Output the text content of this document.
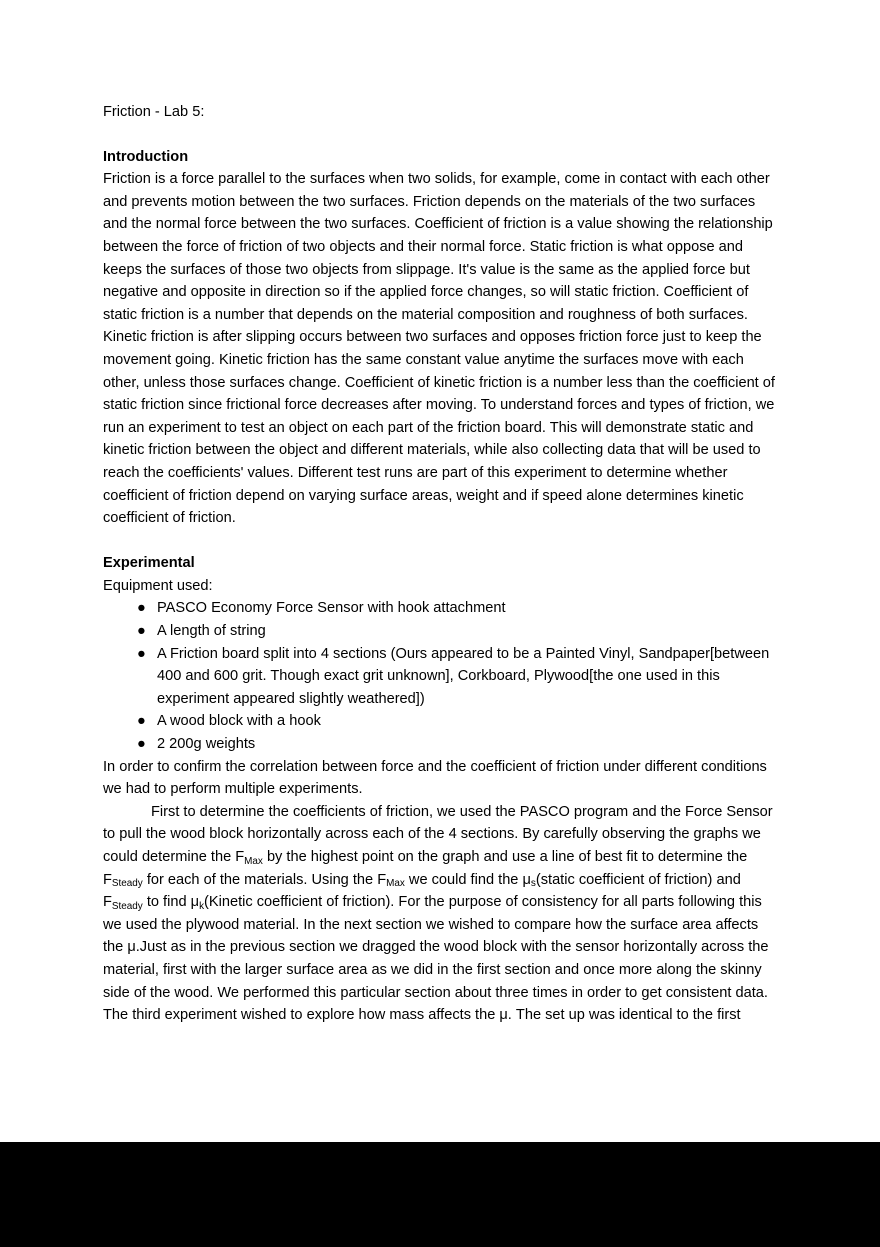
Friction - Lab 5:
Introduction

Friction is a force parallel to the surfaces when two solids, for example, come in contact with each other and prevents motion between the two surfaces. Friction depends on the materials of the two surfaces and the normal force between the two surfaces. Coefficient of friction is a value showing the relationship between the force of friction of two objects and their normal force. Static friction is what oppose and keeps the surfaces of those two objects from slippage. It's value is the same as the applied force but negative and opposite in direction so if the applied force changes, so will static friction. Coefficient of static friction is a number that depends on the material composition and roughness of both surfaces. Kinetic friction is after slipping occurs between two surfaces and opposes friction force just to keep the movement going. Kinetic friction has the same constant value anytime the surfaces move with each other, unless those surfaces change. Coefficient of kinetic friction is a number less than the coefficient of static friction since frictional force decreases after moving. To understand forces and types of friction, we run an experiment to test an object on each part of the friction board. This will demonstrate static and kinetic friction between the object and different materials, while also collecting data that will be used to reach the coefficients' values. Different test runs are part of this experiment to determine whether coefficient of friction depend on varying surface areas, weight and if speed alone determines kinetic coefficient of friction.

Experimental

Equipment used:

● PASCO Economy Force Sensor with hook attachment
● A length of string
● A Friction board split into 4 sections (Ours appeared to be a Painted Vinyl, Sandpaper[between 400 and 600 grit. Though exact grit unknown], Corkboard, Plywood[the one used in this experiment appeared slightly weathered])
● A wood block with a hook
● 2 200g weights

In order to confirm the correlation between force and the coefficient of friction under different conditions we had to perform multiple experiments.

First to determine the coefficients of friction, we used the PASCO program and the Force Sensor to pull the wood block horizontally across each of the 4 sections. By carefully observing the graphs we could determine the $F_{Max}$ by the highest point on the graph and use a line of best fit to determine the $F_{Steady}$ for each of the materials. Using the $F_{Max}$ we could find the $\mu_s(static$ coefficient of friction) and $F_{Steady}$ to find $\mu_k(Kinetic$ coefficient of friction). For the purpose of consistency for all parts following this we used the plywood material. In the next section we wished to compare how the surface area affects the μ.Just as in the previous section we dragged the wood block with the sensor horizontally across the material, first with the larger surface area as we did in the first section and once more along the skinny side of the wood. We performed this particular section about three times in order to get consistent data. The third experiment wished to explore how mass affects the μ. The set up was identical to the first
